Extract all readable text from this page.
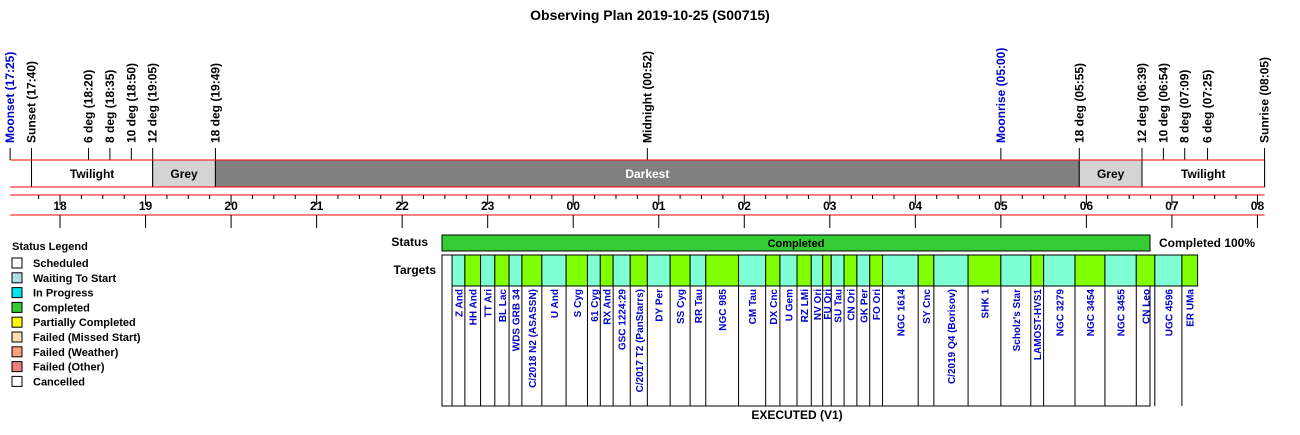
Observing Plan 2019-10-25 (S00715)
Moonset (17:25) Sunset (17:40)	6 deg (18:20) 8 deg (18:35) 10 deg (18:50) 12 deg (19:05)	18 deg (19:49)	Midnight (00:52)	Moonrise (05:00)	18 deg (05:55)	12 deg (06:39) 10 deg (06:54) 8 deg (07:09) 6 deg (07:25)	Sunrise (08:05)
Twilight	Grey	Darkest	Grey	Twilight
18	19	20	21	22	23	00	01	02	03	04	05	06	07	08
Status Legend
Scheduled
Waiting To Start
In Progress
Completed
Partially Completed
Failed (Missed Start)
Failed (Weather)
Failed (Other)
Cancelled
Status	Completed	Completed 100%
Targets
Z And HH And TT Ari BL Lac WDS GRB 34 C/2018 N2 (ASASSN) U And S Cyg 61 Cyg RX And GSC 1224:29 C/2017 T2 (PanStarrs) DY Per SS Cyg RR Tau NGC 985 CM Tau DX Cnc U Gem RZ LMi NV Ori
FU Ori SU Tau CN Ori GK Per FO Ori NGC 1614 SY Cnc C/2019 Q4 (Borisov) SHK 1 Scholz's Star LAMOST-HVS1 NGC 3279 NGC 3454 NGC 3455 CN Leo UGC 4596 ER UMa
EXECUTED (V1)
